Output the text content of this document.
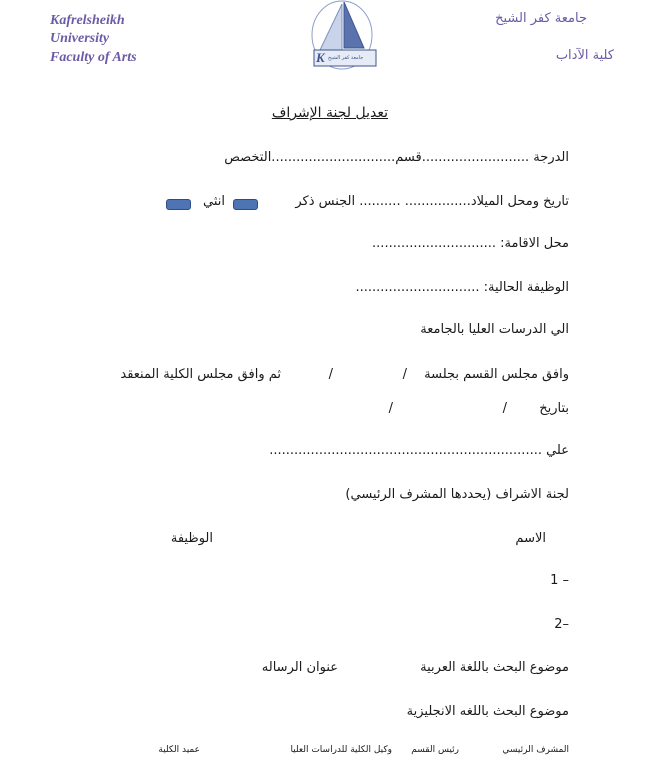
Kafrelsheikh
University
Faculty of Arts	K جامعة كفر الشيخ
جامعة كفر الشيخ
كلية الآداب
تعديل لجنة الإشراف
الدرجة ..........................قسم..............................التخصص
تاريخ ومحل الميلاد................ .......... الجنس ذكر
انثي
محل الاقامة: ..............................
الوظيفة الحالية: ..............................
الي الدرسات العليا بالجامعة
وافق مجلس القسم بجلسة
/
/
ثم وافق مجلس الكلية المنعقد
بتاريخ
/
/
علي ..................................................................
لجنة الاشراف (يحددها المشرف الرئيسي)
الاسم
الوظيفة
1 –
2–
موضوع البحث باللغة العربية
عنوان الرساله
موضوع البحث باللغه الانجليزية
المشرف الرئيسي
رئيس القسم
وكيل الكلية للدراسات العليا
عميد الكلية
